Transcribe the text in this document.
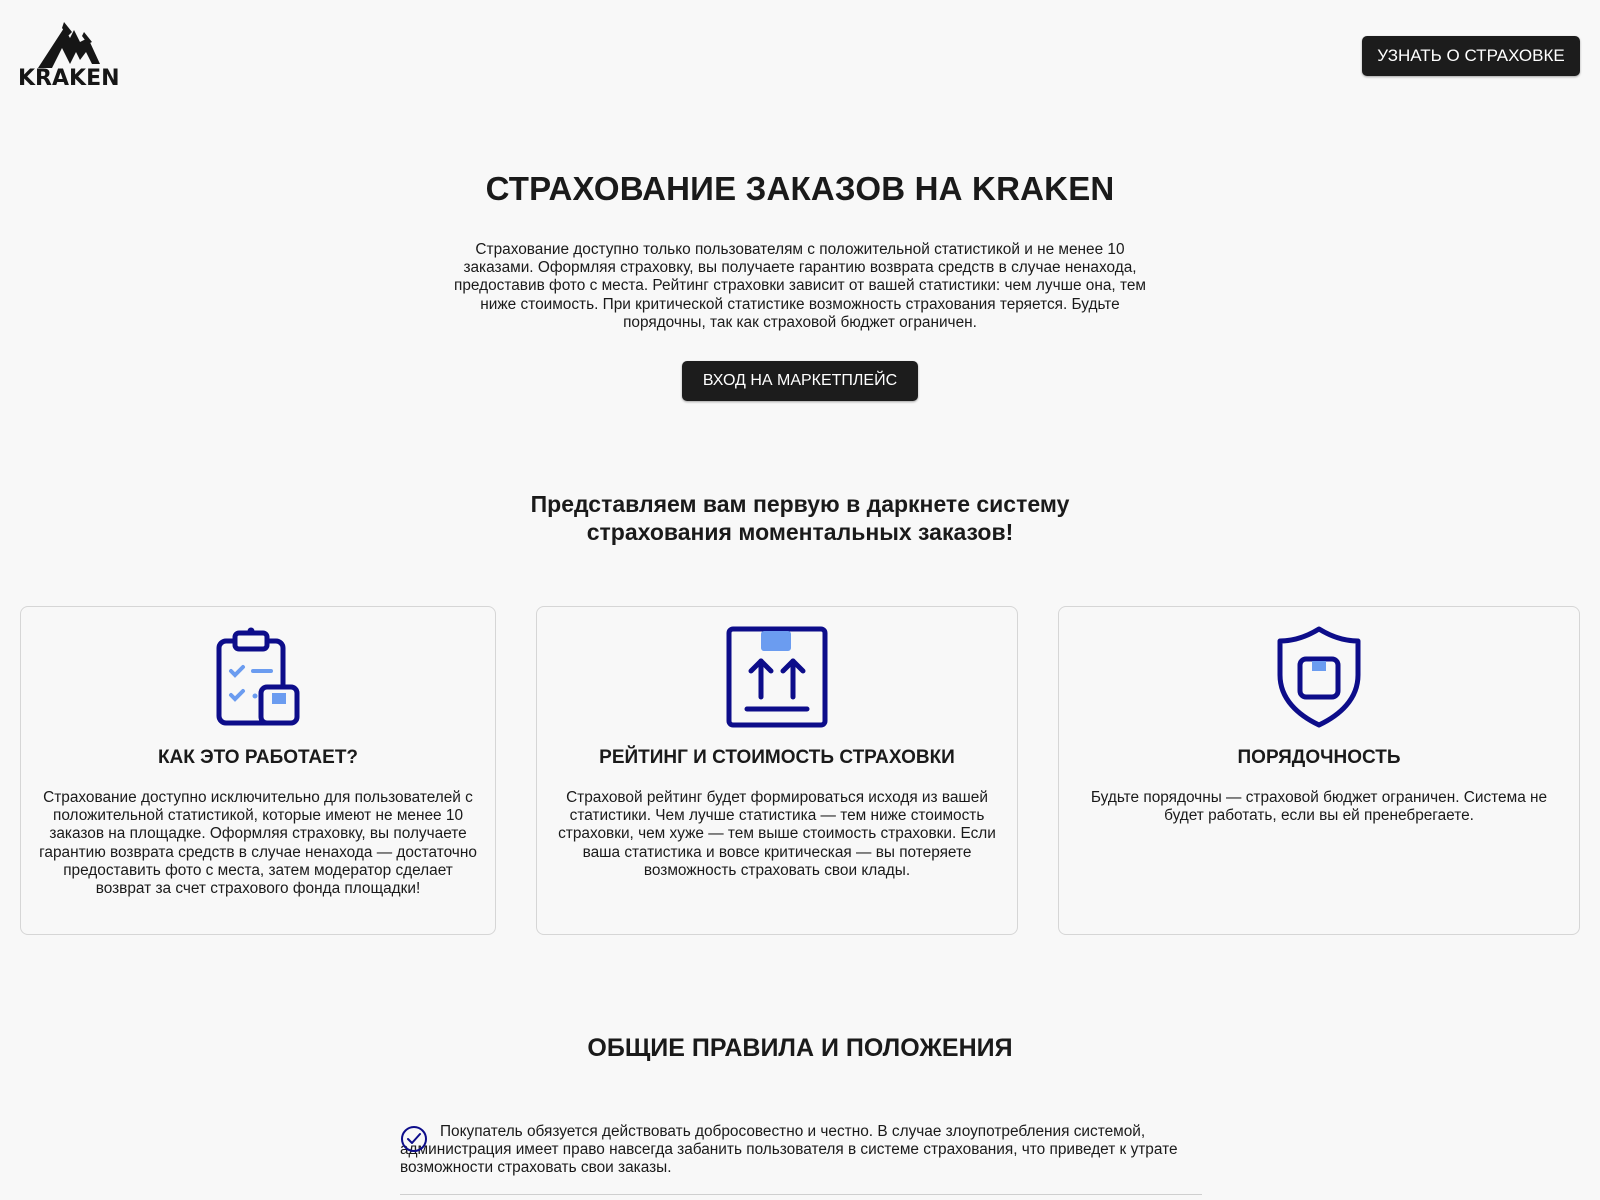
KRAKEN
УЗНАТЬ О СТРАХОВКЕ
СТРАХОВАНИЕ ЗАКАЗОВ НА KRAKEN
Страхование доступно только пользователям с положительной статистикой и не менее 10 заказами. Оформляя страховку, вы получаете гарантию возврата средств в случае ненахода, предоставив фото с места. Рейтинг страховки зависит от вашей статистики: чем лучше она, тем ниже стоимость. При критической статистике возможность страхования теряется. Будьте порядочны, так как страховой бюджет ограничен.
ВХОД НА МАРКЕТПЛЕЙС
Представляем вам первую в даркнете систему страхования моментальных заказов!
КАК ЭТО РАБОТАЕТ?
Страхование доступно исключительно для пользователей с положительной статистикой, которые имеют не менее 10 заказов на площадке. Оформляя страховку, вы получаете гарантию возврата средств в случае ненахода — достаточно предоставить фото с места, затем модератор сделает возврат за счет страхового фонда площадки!
РЕЙТИНГ И СТОИМОСТЬ СТРАХОВКИ
Страховой рейтинг будет формироваться исходя из вашей статистики. Чем лучше статистика — тем ниже стоимость страховки, чем хуже — тем выше стоимость страховки. Если ваша статистика и вовсе критическая — вы потеряете возможность страховать свои клады.
ПОРЯДОЧНОСТЬ
Будьте порядочны — страховой бюджет ограничен. Система не будет работать, если вы ей пренебрегаете.
ОБЩИЕ ПРАВИЛА И ПОЛОЖЕНИЯ
Покупатель обязуется действовать добросовестно и честно. В случае злоупотребления системой, администрация имеет право навсегда забанить пользователя в системе страхования, что приведет к утрате возможности страховать свои заказы.
